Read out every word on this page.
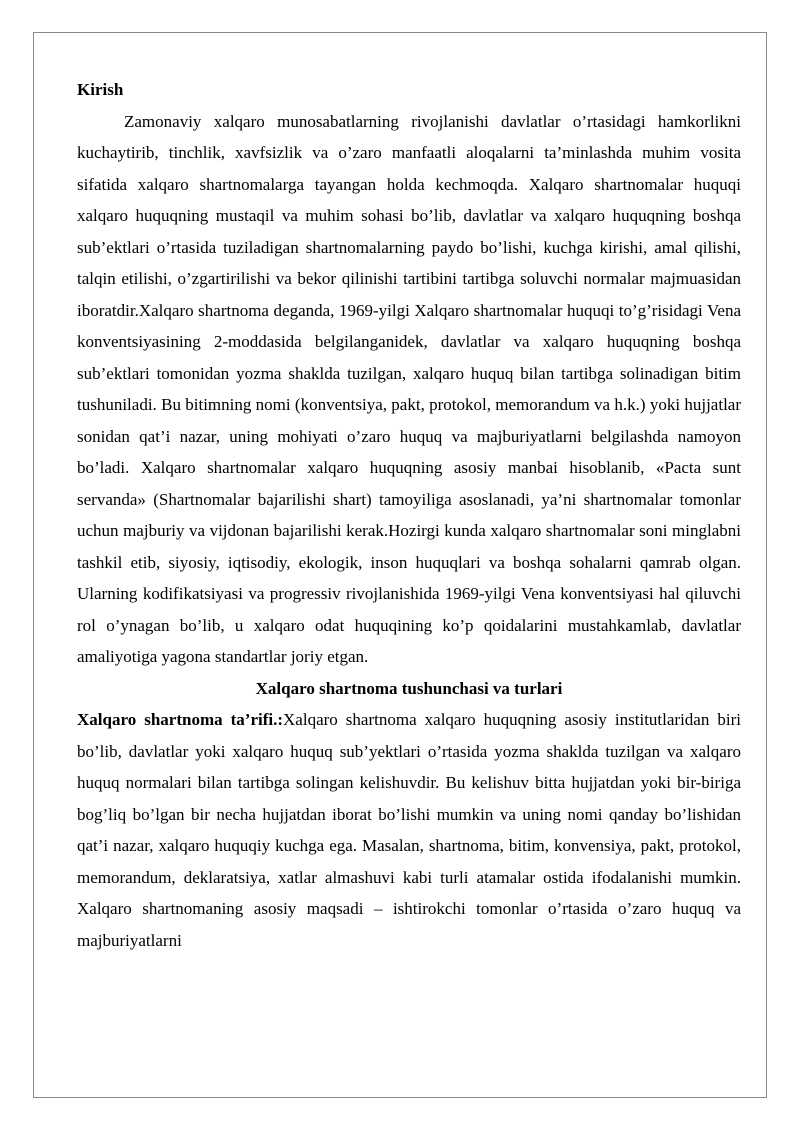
Kirish

Zamonaviy xalqaro munosabatlarning rivojlanishi davlatlar o’rtasidagi hamkorlikni kuchaytirib, tinchlik, xavfsizlik va o’zaro manfaatli aloqalarni ta’minlashda muhim vosita sifatida xalqaro shartnomalarga tayangan holda kechmoqda. Xalqaro shartnomalar huquqi xalqaro huquqning mustaqil va muhim sohasi bo’lib, davlatlar va xalqaro huquqning boshqa sub’ektlari o’rtasida tuziladigan shartnomalarning paydo bo’lishi, kuchga kirishi, amal qilishi, talqin etilishi, o’zgartirilishi va bekor qilinishi tartibini tartibga soluvchi normalar majmuasidan iboratdir.Xalqaro shartnoma deganda, 1969-yilgi Xalqaro shartnomalar huquqi to’g’risidagi Vena konventsiyasining 2-moddasida belgilanganidek, davlatlar va xalqaro huquqning boshqa sub’ektlari tomonidan yozma shaklda tuzilgan, xalqaro huquq bilan tartibga solinadigan bitim tushuniladi. Bu bitimning nomi (konventsiya, pakt, protokol, memorandum va h.k.) yoki hujjatlar sonidan qat’i nazar, uning mohiyati o’zaro huquq va majburiyatlarni belgilashda namoyon bo’ladi. Xalqaro shartnomalar xalqaro huquqning asosiy manbai hisoblanib, «Pacta sunt servanda» (Shartnomalar bajarilishi shart) tamoyiliga asoslanadi, ya’ni shartnomalar tomonlar uchun majburiy va vijdonan bajarilishi kerak.Hozirgi kunda xalqaro shartnomalar soni minglabni tashkil etib, siyosiy, iqtisodiy, ekologik, inson huquqlari va boshqa sohalarni qamrab olgan. Ularning kodifikatsiyasi va progressiv rivojlanishida 1969-yilgi Vena konventsiyasi hal qiluvchi rol o’ynagan bo’lib, u xalqaro odat huquqining ko’p qoidalarini mustahkamlab, davlatlar amaliyotiga yagona standartlar joriy etgan.

Xalqaro shartnoma tushunchasi va turlari

Xalqaro shartnoma ta’rifi.:Xalqaro shartnoma xalqaro huquqning asosiy institutlaridan biri bo’lib, davlatlar yoki xalqaro huquq sub’yektlari o’rtasida yozma shaklda tuzilgan va xalqaro huquq normalari bilan tartibga solingan kelishuvdir. Bu kelishuv bitta hujjatdan yoki bir-biriga bog’liq bo’lgan bir necha hujjatdan iborat bo’lishi mumkin va uning nomi qanday bo’lishidan qat’i nazar, xalqaro huquqiy kuchga ega. Masalan, shartnoma, bitim, konvensiya, pakt, protokol, memorandum, deklaratsiya, xatlar almashuvi kabi turli atamalar ostida ifodalanishi mumkin. Xalqaro shartnomaning asosiy maqsadi – ishtirokchi tomonlar o’rtasida o’zaro huquq va majburiyatlarni
